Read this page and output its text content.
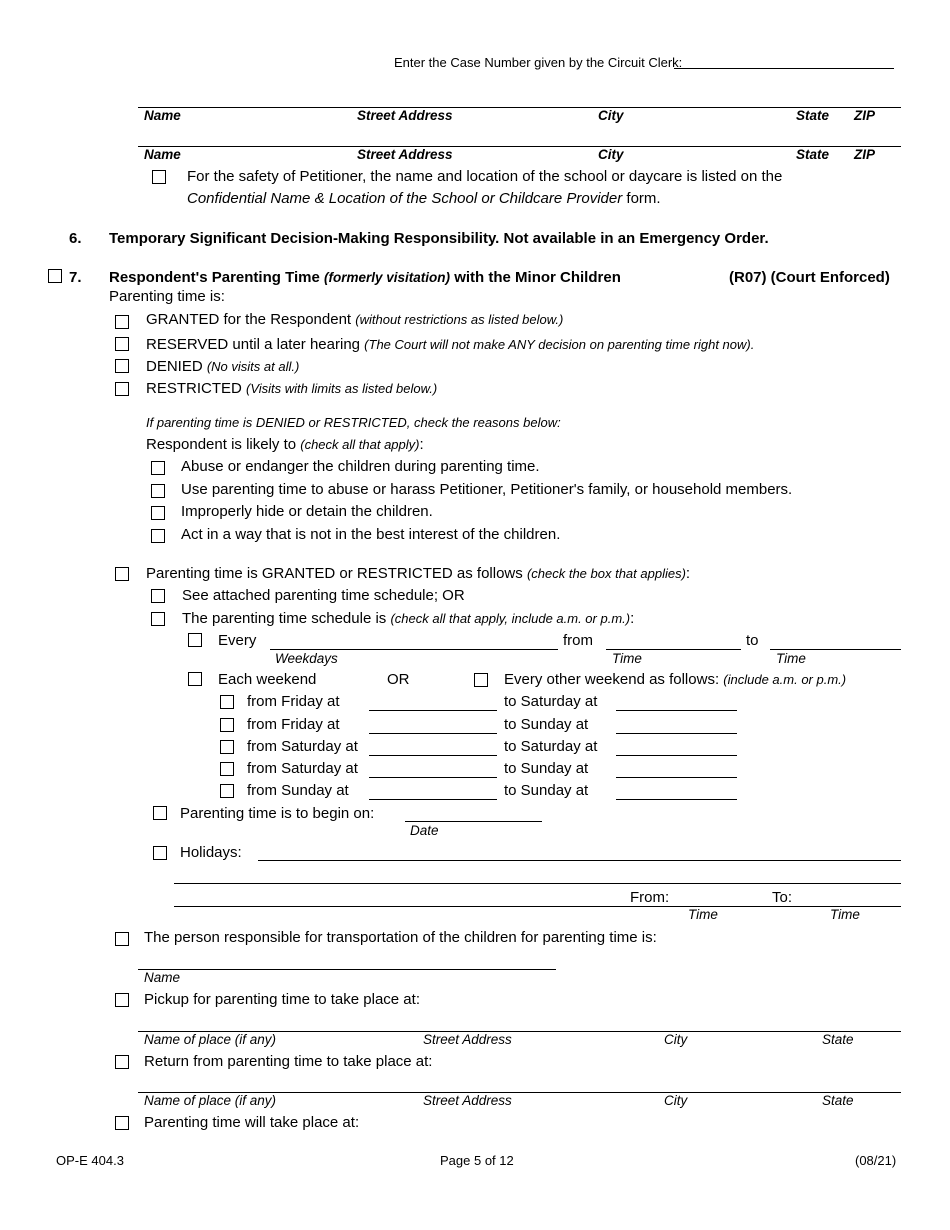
Enter the Case Number given by the Circuit Clerk:
Name	Street Address	City	State ZIP
Name	Street Address	City	State ZIP
For the safety of Petitioner, the name and location of the school or daycare is listed on the
Confidential Name & Location of the School or Childcare Provider form.
6. Temporary Significant Decision-Making Responsibility. Not available in an Emergency Order.
7. Respondent's Parenting Time (formerly visitation) with the Minor Children	(R07) (Court Enforced)
Parenting time is:
GRANTED for the Respondent (without restrictions as listed below.)
RESERVED until a later hearing (The Court will not make ANY decision on parenting time right now).
DENIED (No visits at all.)
RESTRICTED (Visits with limits as listed below.)
If parenting time is DENIED or RESTRICTED, check the reasons below:
Respondent is likely to (check all that apply):
Abuse or endanger the children during parenting time.
Use parenting time to abuse or harass Petitioner, Petitioner's family, or household members.
Improperly hide or detain the children.
Act in a way that is not in the best interest of the children.
Parenting time is GRANTED or RESTRICTED as follows (check the box that applies):
See attached parenting time schedule; OR
The parenting time schedule is (check all that apply, include a.m. or p.m.):
Every	from	to
Weekdays	Time	Time
Each weekend	OR	Every other weekend as follows: (include a.m. or p.m.)
from Friday at	to Saturday at
from Friday at	to Sunday at
from Saturday at	to Saturday at
from Saturday at	to Sunday at
from Sunday at	to Sunday at
Parenting time is to begin on:
Date
Holidays:
From:	To:
Time	Time
The person responsible for transportation of the children for parenting time is:
Name
Pickup for parenting time to take place at:
Name of place (if any)	Street Address	City	State
Return from parenting time to take place at:
Name of place (if any)	Street Address	City	State
Parenting time will take place at:
OP-E 404.3	Page 5 of 12	(08/21)
